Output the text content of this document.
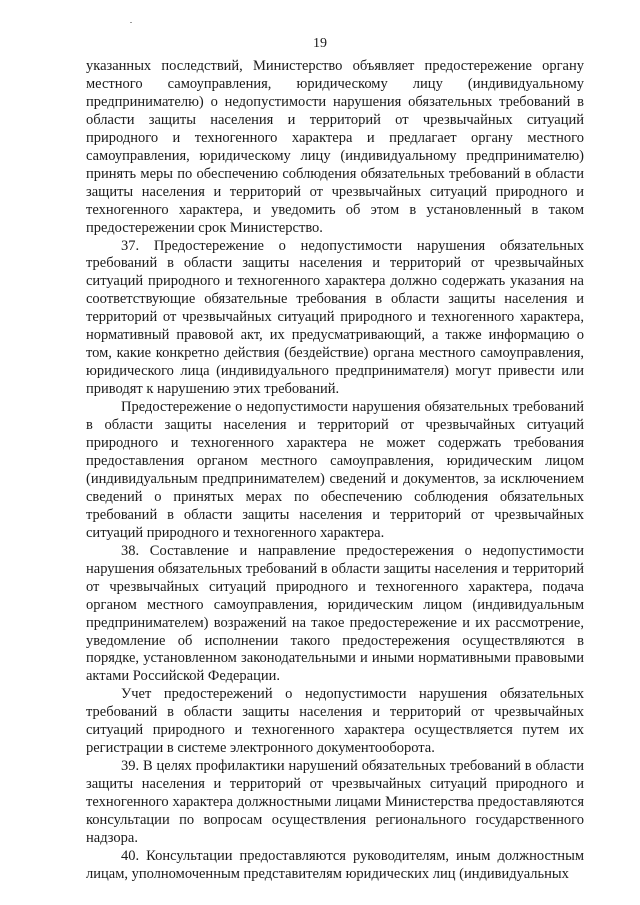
19

указанных последствий, Министерство объявляет предостережение органу местного самоуправления, юридическому лицу (индивидуальному предпринимателю) о недопустимости нарушения обязательных требований в области защиты населения и территорий от чрезвычайных ситуаций природного и техногенного характера и предлагает органу местного самоуправления, юридическому лицу (индивидуальному предпринимателю) принять меры по обеспечению соблюдения обязательных требований в области защиты населения и территорий от чрезвычайных ситуаций природного и техногенного характера, и уведомить об этом в установленный в таком предостережении срок Министерство.

37. Предостережение о недопустимости нарушения обязательных требований в области защиты населения и территорий от чрезвычайных ситуаций природного и техногенного характера должно содержать указания на соответствующие обязательные требования в области защиты населения и территорий от чрезвычайных ситуаций природного и техногенного характера, нормативный правовой акт, их предусматривающий, а также информацию о том, какие конкретно действия (бездействие) органа местного самоуправления, юридического лица (индивидуального предпринимателя) могут привести или приводят к нарушению этих требований.

Предостережение о недопустимости нарушения обязательных требований в области защиты населения и территорий от чрезвычайных ситуаций природного и техногенного характера не может содержать требования предоставления органом местного самоуправления, юридическим лицом (индивидуальным предпринимателем) сведений и документов, за исключением сведений о принятых мерах по обеспечению соблюдения обязательных требований в области защиты населения и территорий от чрезвычайных ситуаций природного и техногенного характера.

38. Составление и направление предостережения о недопустимости нарушения обязательных требований в области защиты населения и территорий от чрезвычайных ситуаций природного и техногенного характера, подача органом местного самоуправления, юридическим лицом (индивидуальным предпринимателем) возражений на такое предостережение и их рассмотрение, уведомление об исполнении такого предостережения осуществляются в порядке, установленном законодательными и иными нормативными правовыми актами Российской Федерации.

Учет предостережений о недопустимости нарушения обязательных требований в области защиты населения и территорий от чрезвычайных ситуаций природного и техногенного характера осуществляется путем их регистрации в системе электронного документооборота.

39. В целях профилактики нарушений обязательных требований в области защиты населения и территорий от чрезвычайных ситуаций природного и техногенного характера должностными лицами Министерства предоставляются консультации по вопросам осуществления регионального государственного надзора.

40. Консультации предоставляются руководителям, иным должностным лицам, уполномоченным представителям юридических лиц (индивидуальных
